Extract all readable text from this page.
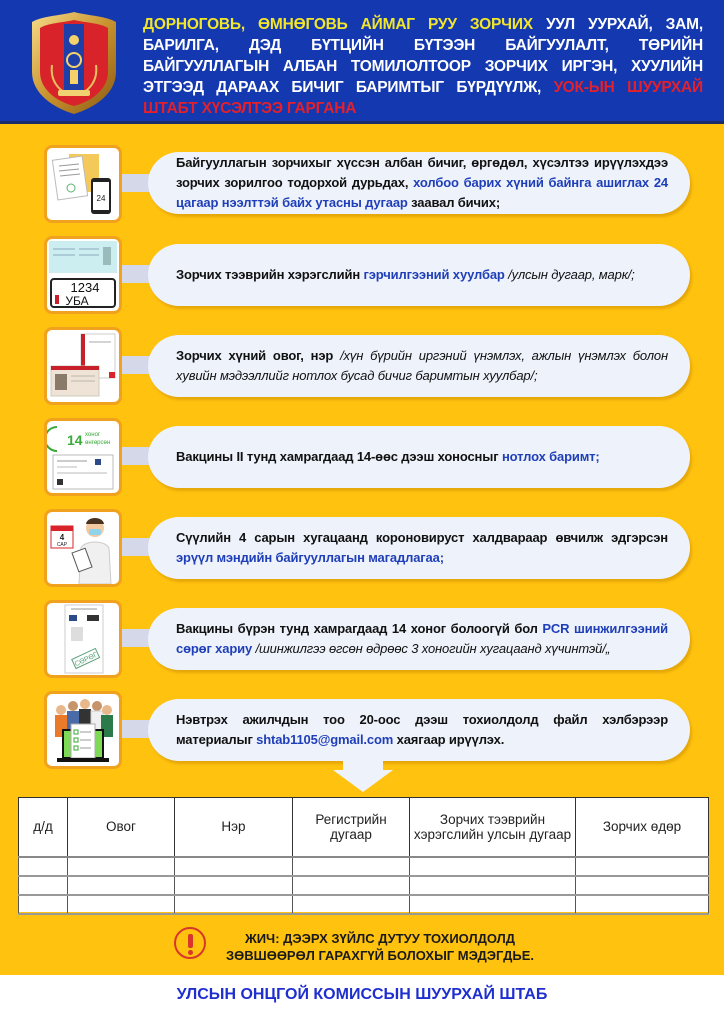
ДОРНОГОВЬ, ӨМНӨГОВЬ АЙМАГ РУУ ЗОРЧИХ УУЛ УУРХАЙ, ЗАМ, БАРИЛГА, ДЭД БҮТЦИЙН БҮТЭЭН БАЙГУУЛАЛТ, ТӨРИЙН БАЙГУУЛЛАГЫН АЛБАН ТОМИЛОЛТООР ЗОРЧИХ ИРГЭН, ХУУЛИЙН ЭТГЭЭД ДАРААХ БИЧИГ БАРИМТЫГ БҮРДҮҮЛЖ, УОК-ЫН ШУУРХАЙ ШТАБТ ХҮСЭЛТЭЭ ГАРГАНА
24

Байгууллагын зорчихыг хүссэн албан бичиг, өргөдөл, хүсэлтээ ирүүлэхдээ зорчих зорилгоо тодорхой дурьдах, холбоо барих хүний байнга ашиглах 24 цагаар нээлттэй байх утасны дугаар заавал бичих;

1234
УБА

Зорчих тээврийн хэрэгслийн гэрчилгээний хуулбар /улсын дугаар, марк/;

Зорчих хүний овог, нэр /хүн бүрийн иргэний үнэмлэх, ажлын үнэмлэх болон хувийн мэдээллийг нотлох бусад бичиг баримтын хуулбар/;

14 хоног
өнгөрсөн

Вакцины II тунд хамрагдаад 14-өөс дээш хоносныг нотлох баримт;

4
САР	Сүүлийн 4 сарын хугацаанд короновируст халдвараар өвчилж эдгэрсэн эрүүл мэндийн байгууллагын магадлагаа;

СӨРӨГ

Вакцины бүрэн тунд хамрагдаад 14 хоног болоогүй бол PCR шинжилгээний сөрөг хариу /шинжилгээ өгсөн өдрөөс 3 хоногийн хугацаанд хүчинтэй/„

Нэвтрэх ажилчдын тоо 20-оос дээш тохиолдолд файл хэлбэрээр материалыг shtab1105@gmail.com хаягаар ирүүлэх.

д/д	Овог	Нэр	Регистрийн дугаар	Зорчих тээврийн хэрэгслийн улсын дугаар	Зорчих өдөр

ЖИЧ: ДЭЭРХ ЗҮЙЛС ДУТУУ ТОХИОЛДОЛД
ЗӨВШӨӨРӨЛ ГАРАХГҮЙ БОЛОХЫГ МЭДЭГДЬЕ.
УЛСЫН ОНЦГОЙ КОМИССЫН ШУУРХАЙ ШТАБ
